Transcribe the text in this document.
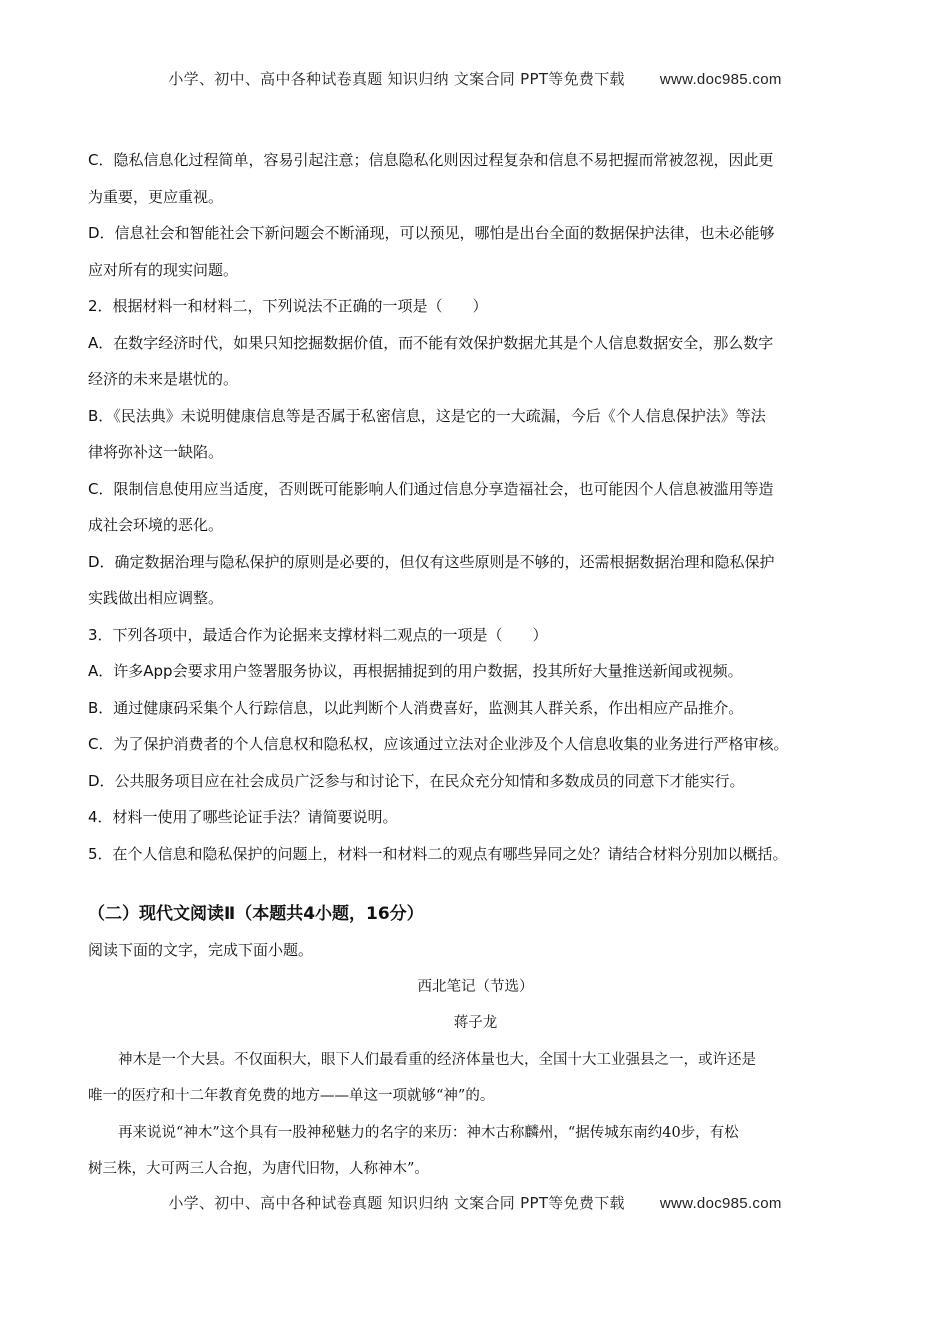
小学、初中、高中各种试卷真题 知识归纳 文案合同 PPT等免费下载 www.doc985.com
C．隐私信息化过程简单，容易引起注意；信息隐私化则因过程复杂和信息不易把握而常被忽视，因此更
为重要，更应重视。
D．信息社会和智能社会下新问题会不断涌现，可以预见，哪怕是出台全面的数据保护法律，也未必能够
应对所有的现实问题。
2．根据材料一和材料二，下列说法不正确的一项是（　　）
A．在数字经济时代，如果只知挖掘数据价值，而不能有效保护数据尤其是个人信息数据安全，那么数字
经济的未来是堪忧的。
B．《民法典》未说明健康信息等是否属于私密信息，这是它的一大疏漏，今后《个人信息保护法》等法
律将弥补这一缺陷。
C．限制信息使用应当适度，否则既可能影响人们通过信息分享造福社会，也可能因个人信息被滥用等造
成社会环境的恶化。
D．确定数据治理与隐私保护的原则是必要的，但仅有这些原则是不够的，还需根据数据治理和隐私保护
实践做出相应调整。
3．下列各项中，最适合作为论据来支撑材料二观点的一项是（　　）
A．许多App会要求用户签署服务协议，再根据捕捉到的用户数据，投其所好大量推送新闻或视频。
B．通过健康码采集个人行踪信息，以此判断个人消费喜好，监测其人群关系，作出相应产品推介。
C．为了保护消费者的个人信息权和隐私权，应该通过立法对企业涉及个人信息收集的业务进行严格审核。
D．公共服务项目应在社会成员广泛参与和讨论下，在民众充分知情和多数成员的同意下才能实行。
4．材料一使用了哪些论证手法？请简要说明。
5．在个人信息和隐私保护的问题上，材料一和材料二的观点有哪些异同之处？请结合材料分别加以概括。
（二）现代文阅读Ⅱ（本题共4小题，16分）
阅读下面的文字，完成下面小题。
西北笔记（节选）
蒋子龙
神木是一个大县。不仅面积大，眼下人们最看重的经济体量也大，全国十大工业强县之一，或许还是
唯一的医疗和十二年教育免费的地方——单这一项就够“神”的。
再来说说“神木”这个具有一股神秘魅力的名字的来历：神木古称麟州，“据传城东南约40步，有松
树三株，大可两三人合抱，为唐代旧物，人称神木”。
小学、初中、高中各种试卷真题 知识归纳 文案合同 PPT等免费下载 www.doc985.com
